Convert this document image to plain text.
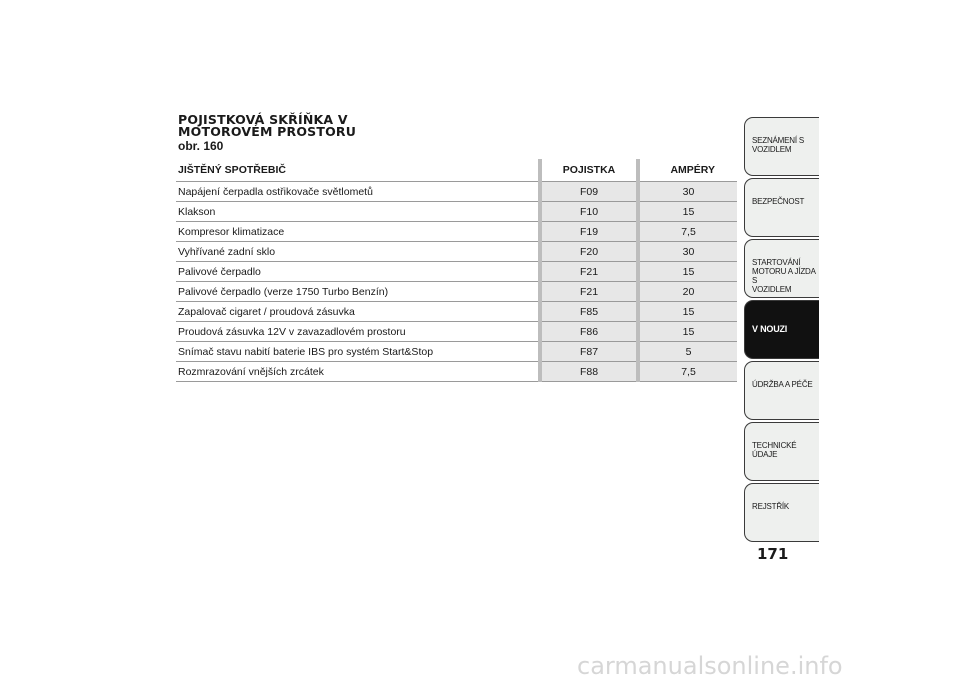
POJISTKOVÁ SKŘÍŇKA V
MOTOROVÉM PROSTORU
obr. 160
JIŠTĚNÝ SPOTŘEBIČ	POJISTKA	AMPÉRY
Napájení čerpadla ostřikovače světlometů	F09	30
Klakson	F10	15
Kompresor klimatizace	F19	7,5
Vyhřívané zadní sklo	F20	30
Palivové čerpadlo	F21	15
Palivové čerpadlo (verze 1750 Turbo Benzín)	F21	20
Zapalovač cigaret / proudová zásuvka	F85	15
Proudová zásuvka 12V v zavazadlovém prostoru	F86	15
Snímač stavu nabití baterie IBS pro systém Start&Stop	F87	5
Rozmrazování vnějších zrcátek	F88	7,5
SEZNÁMENÍ S
VOZIDLEM
BEZPEČNOST
STARTOVÁNÍ
MOTORU A JÍZDA S
VOZIDLEM
V NOUZI
ÚDRŽBA A PÉČE
TECHNICKÉ ÚDAJE
REJSTŘÍK
171
carmanualsonline.info
